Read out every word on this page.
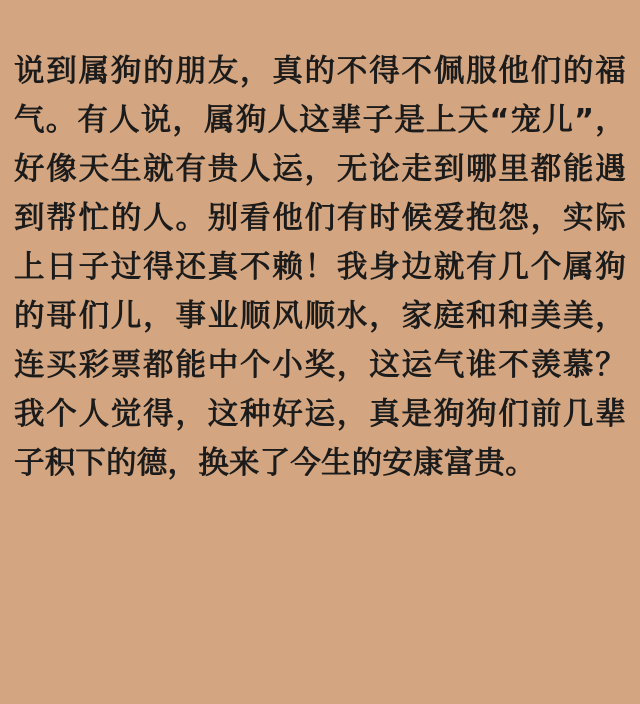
说到属狗的朋友，真的不得不佩服他们的福气。有人说，属狗人这辈子是上天“宠儿”，好像天生就有贵人运，无论走到哪里都能遇到帮忙的人。别看他们有时候爱抱怨，实际上日子过得还真不赖！我身边就有几个属狗的哥们儿，事业顺风顺水，家庭和和美美，连买彩票都能中个小奖，这运气谁不羡慕？我个人觉得，这种好运，真是狗狗们前几辈子积下的德，换来了今生的安康富贵。
